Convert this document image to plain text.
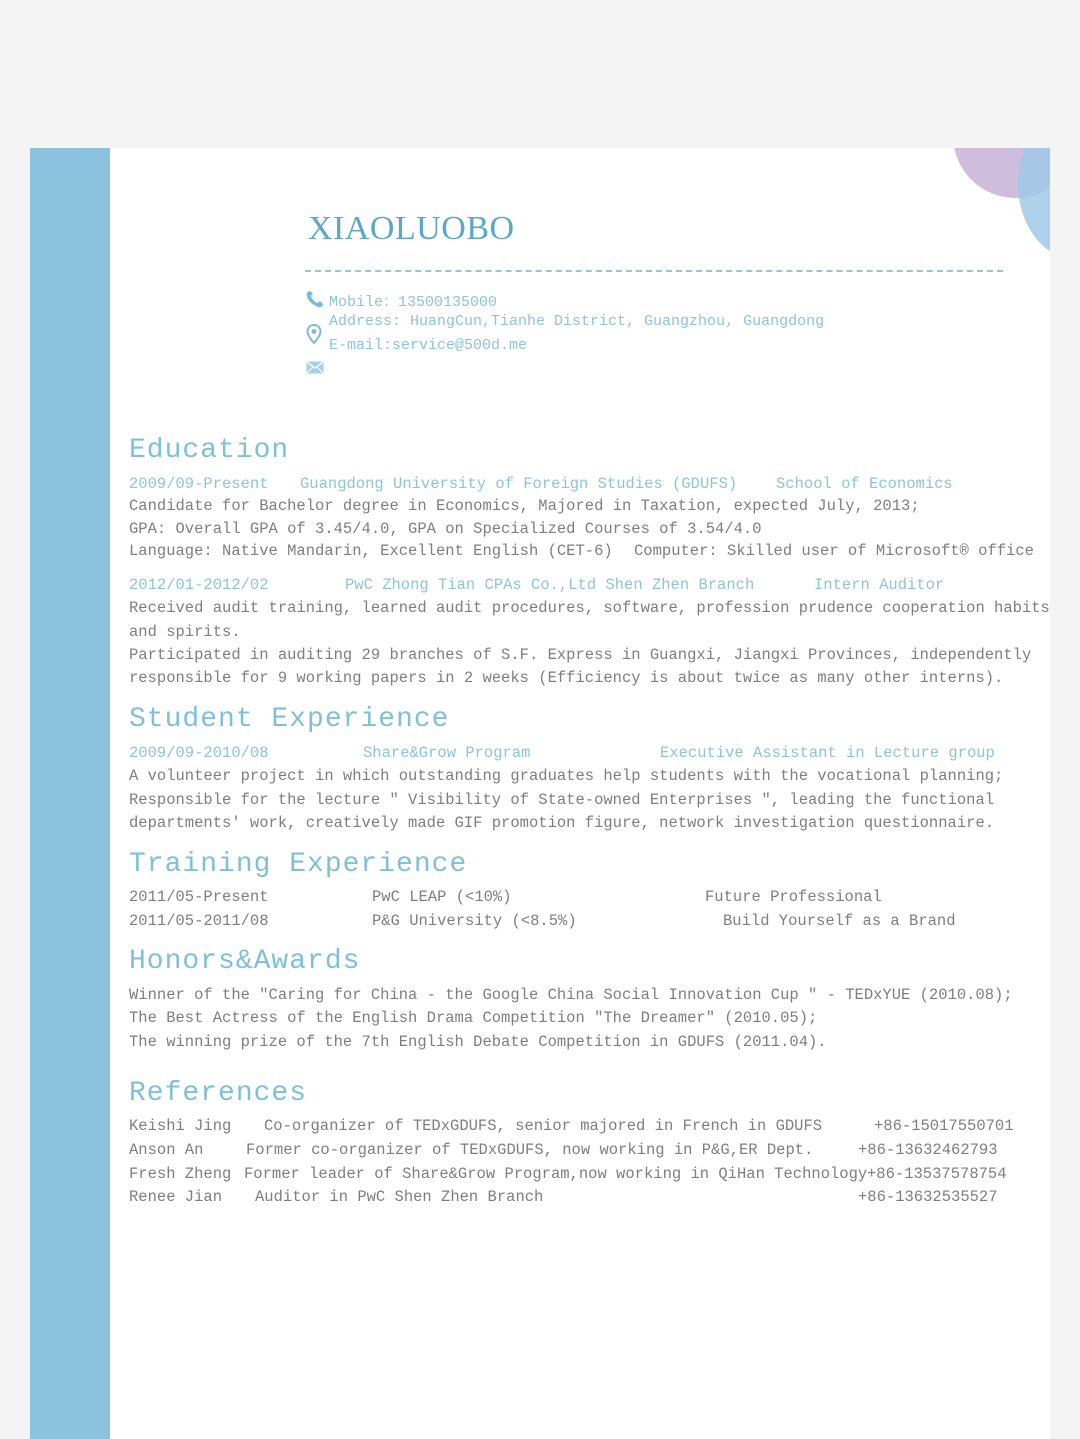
XIAOLUOBO
Mobile：13500135000
Address: HuangCun,Tianhe District, Guangzhou, Guangdong
E-mail:service@500d.me
Education
2009/09-Present Guangdong University of Foreign Studies (GDUFS)	School of Economics
Candidate for Bachelor degree in Economics, Majored in Taxation, expected July, 2013;
GPA: Overall GPA of 3.45/4.0, GPA on Specialized Courses of 3.54/4.0
Language: Native Mandarin, Excellent English (CET-6) Computer: Skilled user of Microsoft® office
2012/01-2012/02	PwC Zhong Tian CPAs Co.,Ltd Shen Zhen Branch	Intern Auditor
Received audit training, learned audit procedures, software, profession prudence cooperation habits
and spirits.
Participated in auditing 29 branches of S.F. Express in Guangxi, Jiangxi Provinces, independently
responsible for 9 working papers in 2 weeks (Efficiency is about twice as many other interns).
Student Experience
2009/09-2010/08	Share&Grow Program	Executive Assistant in Lecture group
A volunteer project in which outstanding graduates help students with the vocational planning;
Responsible for the lecture " Visibility of State-owned Enterprises ", leading the functional
departments' work, creatively made GIF promotion figure, network investigation questionnaire.
Training Experience
2011/05-Present	PwC LEAP (<10%)	Future Professional
2011/05-2011/08	P&G University (<8.5%)	Build Yourself as a Brand
Honors&Awards
Winner of the "Caring for China - the Google China Social Innovation Cup " - TEDxYUE (2010.08);
The Best Actress of the English Drama Competition "The Dreamer" (2010.05);
The winning prize of the 7th English Debate Competition in GDUFS (2011.04).
References
Keishi Jing Co-organizer of TEDxGDUFS, senior majored in French in GDUFS	+86-15017550701
Anson An	Former co-organizer of TEDxGDUFS, now working in P&G,ER Dept.	+86-13632462793
Fresh Zheng Former leader of Share&Grow Program,now working in QiHan Technology +86-13537578754
Renee Jian Auditor in PwC Shen Zhen Branch	+86-13632535527
